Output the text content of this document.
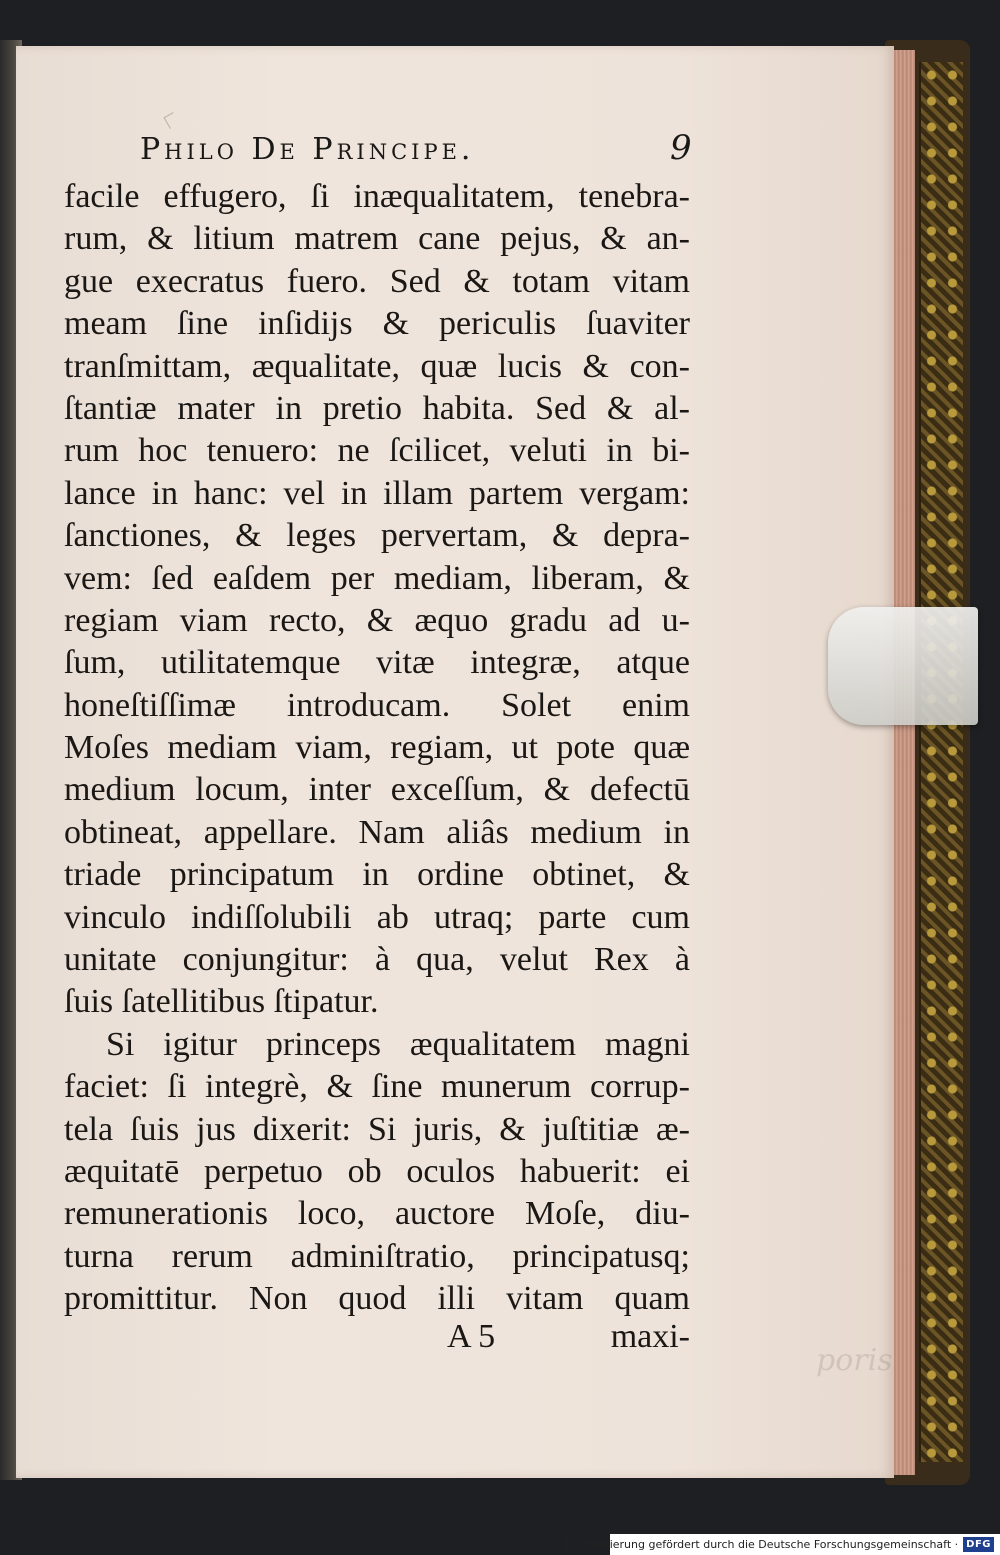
poris
Philo De Principe.	9
facile effugero, ſi inæqualitatem, tenebra-
rum, & litium matrem cane pejus, & an-
gue execratus fuero. Sed & totam vitam
meam ſine inſidijs & periculis ſuaviter
tranſmittam, æqualitate, quæ lucis & con-
ſtantiæ mater in pretio habita. Sed & al-
rum hoc tenuero: ne ſcilicet, veluti in bi-
lance in hanc: vel in illam partem vergam:
ſanctiones, & leges pervertam, & depra-
vem: ſed eaſdem per mediam, liberam, &
regiam viam recto, & æquo gradu ad u-
ſum, utilitatemque vitæ integræ, atque
honeſtiſſimæ introducam. Solet enim
Moſes mediam viam, regiam, ut pote quæ
medium locum, inter exceſſum, & defectū
obtineat, appellare. Nam aliâs medium in
triade principatum in ordine obtinet, &
vinculo indiſſolubili ab utraq; parte cum
unitate conjungitur: à qua, velut Rex à
ſuis ſatellitibus ſtipatur.
Si igitur princeps æqualitatem magni
faciet: ſi integrè, & ſine munerum corrup-
tela ſuis jus dixerit: Si juris, & juſtitiæ æ-
æquitatē perpetuo ob oculos habuerit: ei
remunerationis loco, auctore Moſe, diu-
turna rerum adminiſtratio, principatusq;
promittitur. Non quod illi vitam quam
A 5	maxi-
Digitalisierung gefördert durch die Deutsche Forschungsgemeinschaft · DFG
